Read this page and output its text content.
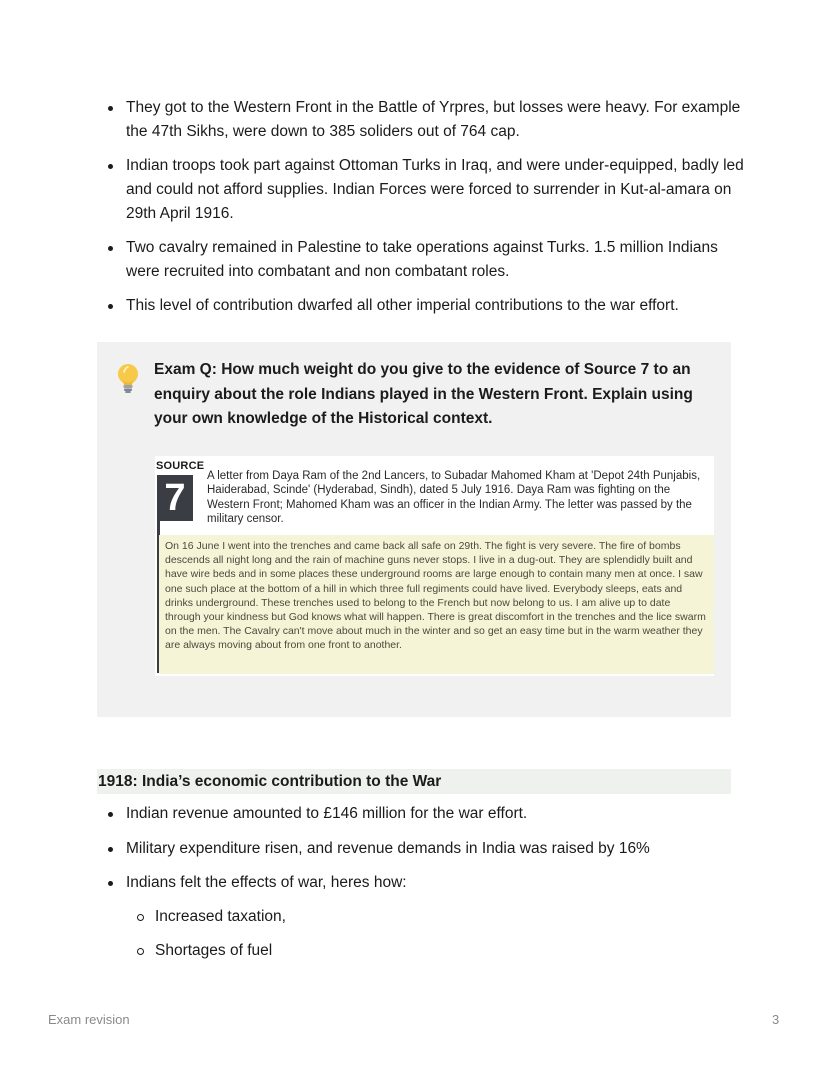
They got to the Western Front in the Battle of Yrpres, but losses were heavy. For example the 47th Sikhs, were down to 385 soliders out of 764 cap.
Indian troops took part against Ottoman Turks in Iraq, and were under-equipped, badly led and could not afford supplies. Indian Forces were forced to surrender in Kut-al-amara on 29th April 1916.
Two cavalry remained in Palestine to take operations against Turks. 1.5 million Indians were recruited into combatant and non combatant roles.
This level of contribution dwarfed all other imperial contributions to the war effort.

Exam Q: How much weight do you give to the evidence of Source 7 to an enquiry about the role Indians played in the Western Front. Explain using your own knowledge of the Historical context.

SOURCE
7

A letter from Daya Ram of the 2nd Lancers, to Subadar Mahomed Kham at 'Depot 24th Punjabis, Haiderabad, Scinde' (Hyderabad, Sindh), dated 5 July 1916. Daya Ram was fighting on the Western Front; Mahomed Kham was an officer in the Indian Army. The letter was passed by the military censor.

On 16 June I went into the trenches and came back all safe on 29th. The fight is very severe. The fire of bombs descends all night long and the rain of machine guns never stops. I live in a dug-out. They are splendidly built and have wire beds and in some places these underground rooms are large enough to contain many men at once. I saw one such place at the bottom of a hill in which three full regiments could have lived. Everybody sleeps, eats and drinks underground. These trenches used to belong to the French but now belong to us. I am alive up to date through your kindness but God knows what will happen. There is great discomfort in the trenches and the lice swarm on the men. The Cavalry can't move about much in the winter and so get an easy time but in the warm weather they are always moving about from one front to another.

1918: India’s economic contribution to the War
Indian revenue amounted to £146 million for the war effort.
Military expenditure risen, and revenue demands in India was raised by 16%
Indians felt the effects of war, heres how:
Increased taxation,
Shortages of fuel
Exam revision	3
